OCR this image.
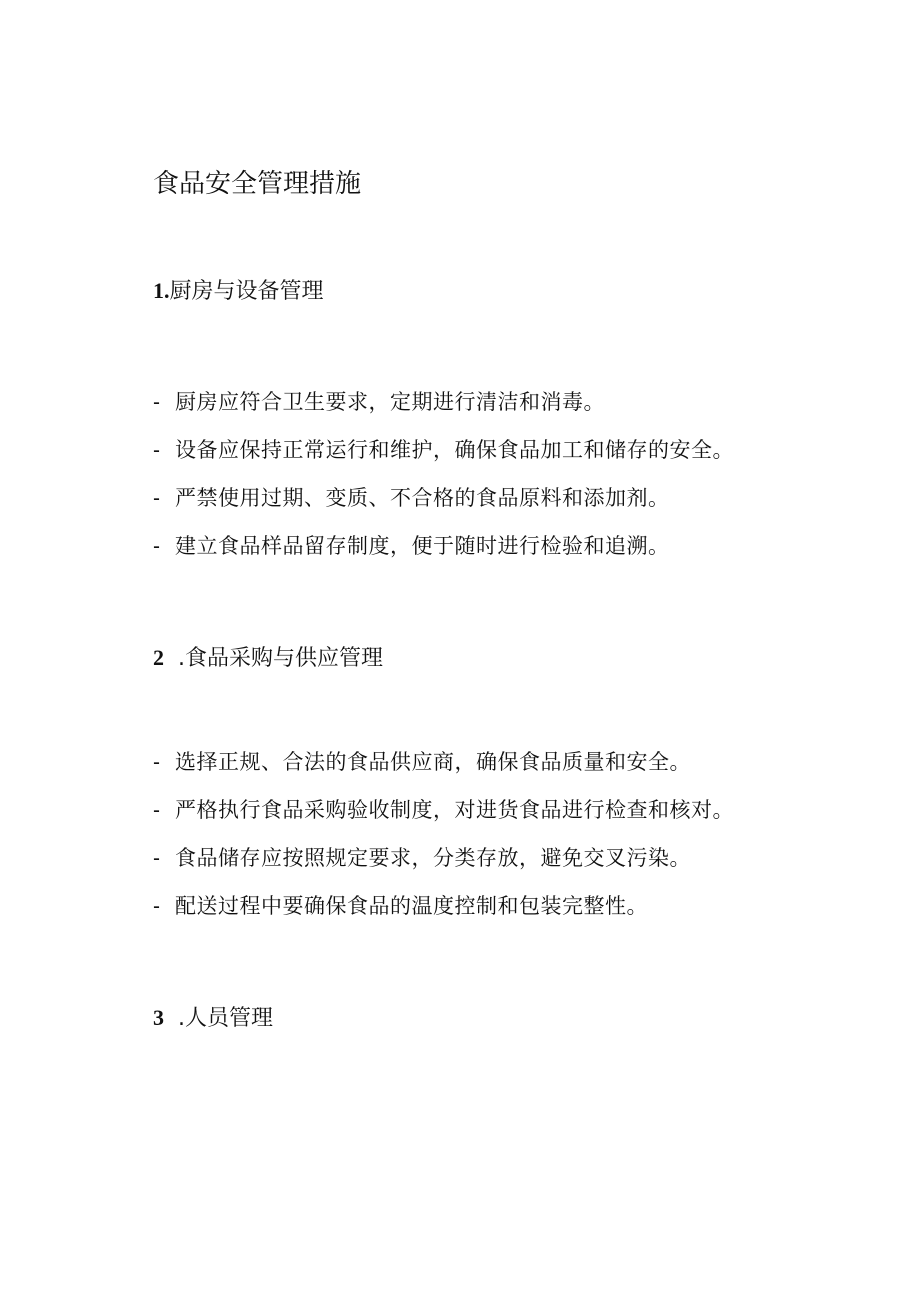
食品安全管理措施
1.厨房与设备管理
- 厨房应符合卫生要求，定期进行清洁和消毒。
- 设备应保持正常运行和维护，确保食品加工和储存的安全。
- 严禁使用过期、变质、不合格的食品原料和添加剂。
- 建立食品样品留存制度，便于随时进行检验和追溯。
2 .食品采购与供应管理
- 选择正规、合法的食品供应商，确保食品质量和安全。
- 严格执行食品采购验收制度，对进货食品进行检查和核对。
- 食品储存应按照规定要求，分类存放，避免交叉污染。
- 配送过程中要确保食品的温度控制和包装完整性。
3 .人员管理
